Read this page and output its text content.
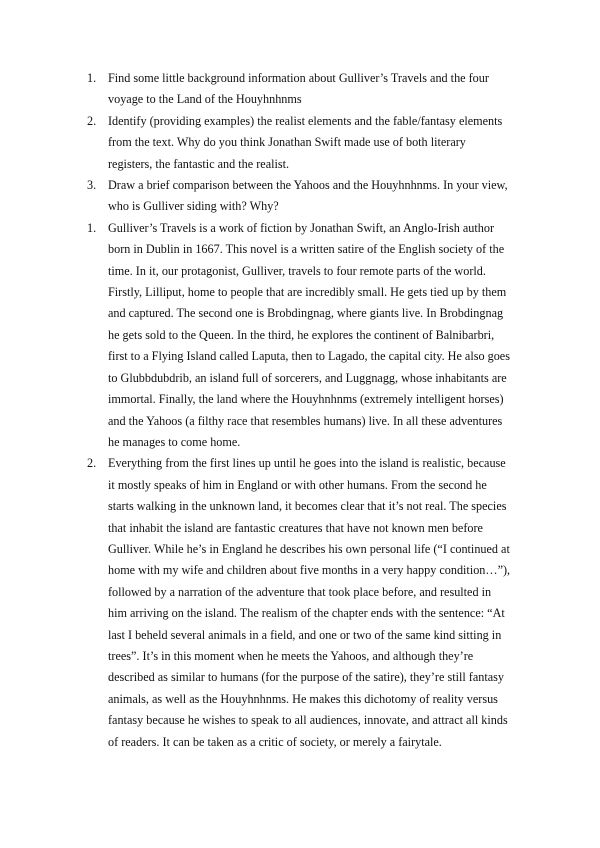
1. Find some little background information about Gulliver’s Travels and the four voyage to the Land of the Houyhnhnms
2. Identify (providing examples) the realist elements and the fable/fantasy elements from the text. Why do you think Jonathan Swift made use of both literary registers, the fantastic and the realist.
3. Draw a brief comparison between the Yahoos and the Houyhnhnms. In your view, who is Gulliver siding with? Why?
1. Gulliver’s Travels is a work of fiction by Jonathan Swift, an Anglo-Irish author born in Dublin in 1667. This novel is a written satire of the English society of the time. In it, our protagonist, Gulliver, travels to four remote parts of the world. Firstly, Lilliput, home to people that are incredibly small. He gets tied up by them and captured. The second one is Brobdingnag, where giants live. In Brobdingnag he gets sold to the Queen. In the third, he explores the continent of Balnibarbri, first to a Flying Island called Laputa, then to Lagado, the capital city. He also goes to Glubbdubdrib, an island full of sorcerers, and Luggnagg, whose inhabitants are immortal. Finally, the land where the Houyhnhnms (extremely intelligent horses) and the Yahoos (a filthy race that resembles humans) live. In all these adventures he manages to come home.
2. Everything from the first lines up until he goes into the island is realistic, because it mostly speaks of him in England or with other humans. From the second he starts walking in the unknown land, it becomes clear that it’s not real. The species that inhabit the island are fantastic creatures that have not known men before Gulliver. While he’s in England he describes his own personal life (“I continued at home with my wife and children about five months in a very happy condition…”), followed by a narration of the adventure that took place before, and resulted in him arriving on the island. The realism of the chapter ends with the sentence: “At last I beheld several animals in a field, and one or two of the same kind sitting in trees”. It’s in this moment when he meets the Yahoos, and although they’re described as similar to humans (for the purpose of the satire), they’re still fantasy animals, as well as the Houyhnhnms. He makes this dichotomy of reality versus fantasy because he wishes to speak to all audiences, innovate, and attract all kinds of readers. It can be taken as a critic of society, or merely a fairytale.
